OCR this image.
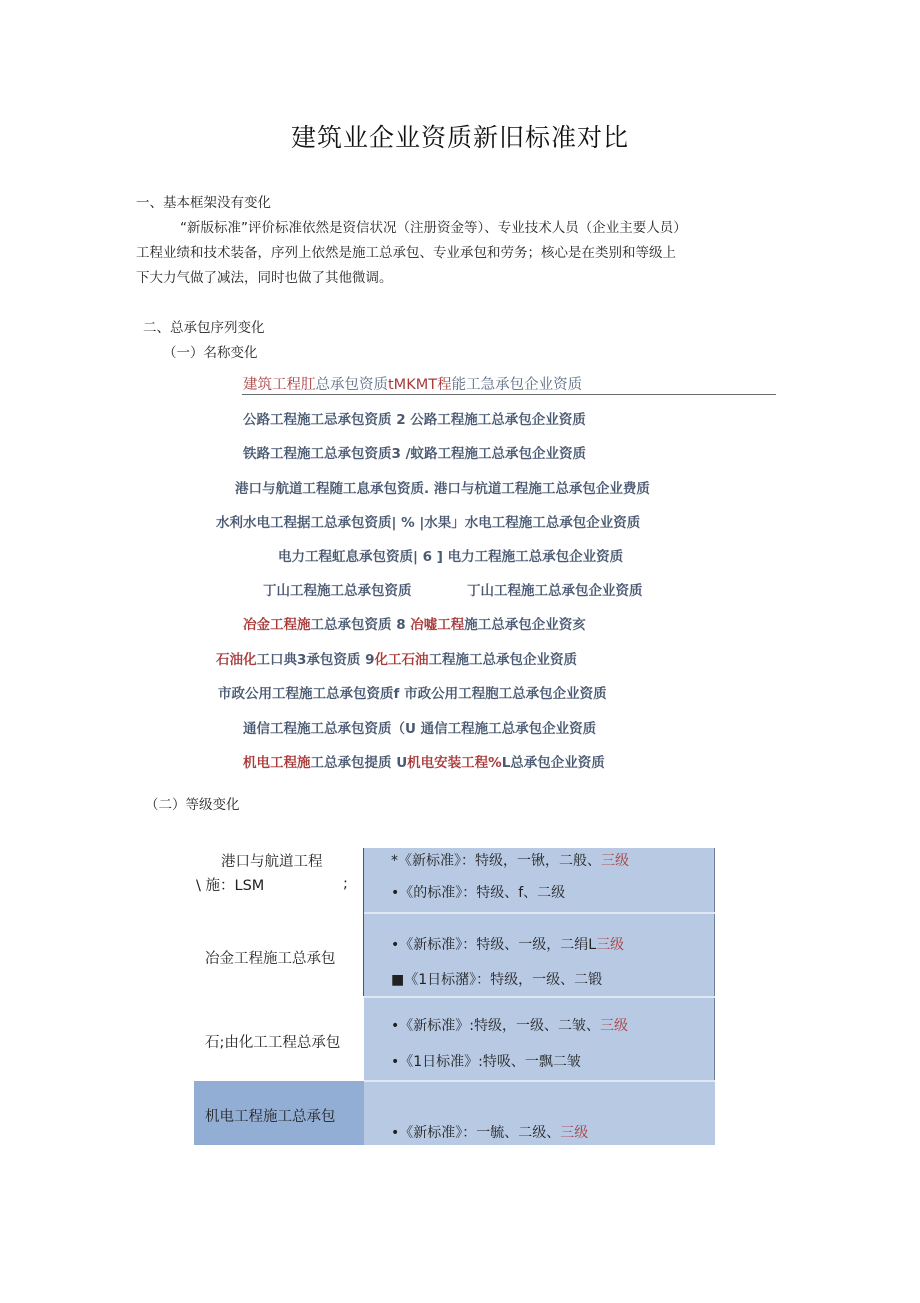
建筑业企业资质新旧标准对比
一、基本框架没有变化
“新版标准”评价标准依然是资信状况（注册资金等）、专业技术人员（企业主要人员）
工程业绩和技术装备，序列上依然是施工总承包、专业承包和劳务；核心是在类别和等级上
下大力气做了减法，同时也做了其他微调。
二、总承包序列变化
（一）名称变化
建筑工程肛总承包资质tMKMT程能工急承包企业资质
公路工程施工忌承包资质 2 公路工程施工总承包企业资质
铁路工程施工总承包资质3 /蚊路工程施工总承包企业资质
港口与航道工程随工息承包资质. 港口与杭道工程施工总承包企业费质
水利水电工程据工总承包资质| % |水果」水电工程施工总承包企业资质
电力工程虹息承包资质| 6 ] 电力工程施工总承包企业资质
丁山工程施工总承包资质	丁山工程施工总承包企业资质
冶金工程施工总承包资质 8 冶嘘工程施工总承包企业资亥
石油化工口典3承包资质 9化工石油工程施工总承包企业资质
市政公用工程施工总承包资质f 市政公用工程胞工总承包企业资质
通信工程施工总承包资质（U 通信工程施工总承包企业资质
机电工程施工总承包提质 U机电安装工程%L总承包企业资质
（二）等级变化
港口与航道工程
\ 施：LSM	;
*《新标准》：特级，一锹，二般、三级
•《的标准》：特级、f、二级
冶金工程施工总承包
•《新标准》：特级、一级，二绢L三级
■《1日标潴》：特级，一级、二锻
石;由化工工程总承包
•《新标准》:特级，一级、二皱、三级
•《1日标准》:特吸、一飘二皱
机电工程施工总承包
•《新标准》：一毓、二级、三级
